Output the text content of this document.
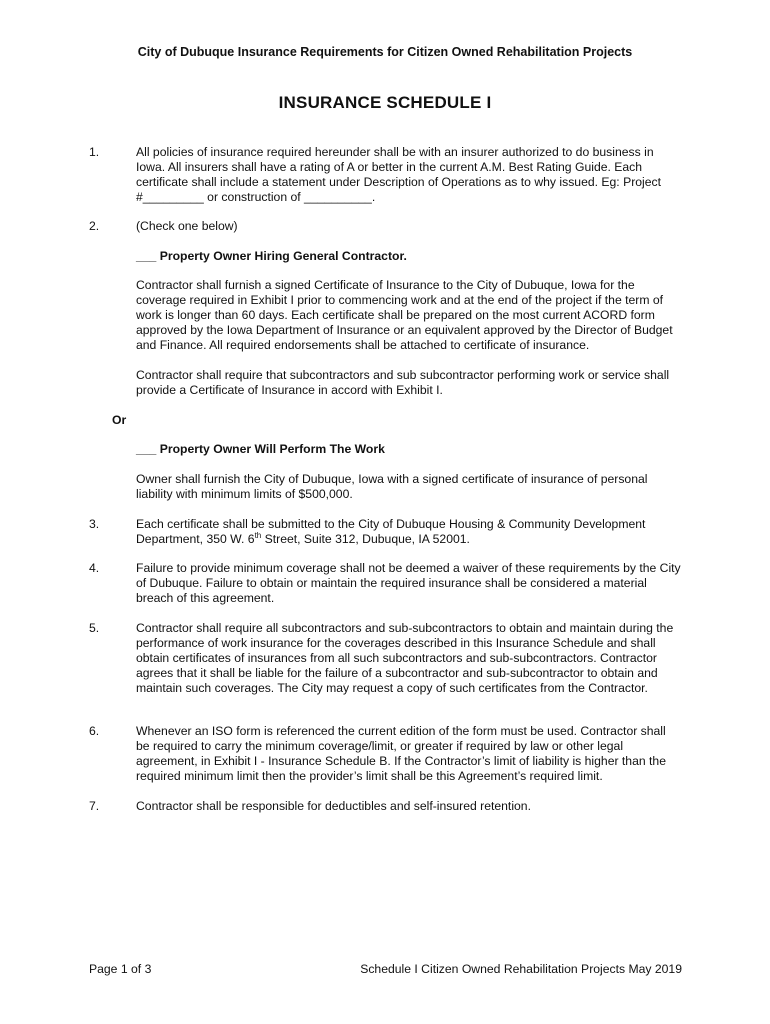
City of Dubuque Insurance Requirements for Citizen Owned Rehabilitation Projects
INSURANCE SCHEDULE I
1.	All policies of insurance required hereunder shall be with an insurer authorized to do business in Iowa. All insurers shall have a rating of A or better in the current A.M. Best Rating Guide. Each certificate shall include a statement under Description of Operations as to why issued. Eg: Project #_________ or construction of __________.
2.	(Check one below)
___ Property Owner Hiring General Contractor.
Contractor shall furnish a signed Certificate of Insurance to the City of Dubuque, Iowa for the coverage required in Exhibit I prior to commencing work and at the end of the project if the term of work is longer than 60 days. Each certificate shall be prepared on the most current ACORD form approved by the Iowa Department of Insurance or an equivalent approved by the Director of Budget and Finance. All required endorsements shall be attached to certificate of insurance.
Contractor shall require that subcontractors and sub subcontractor performing work or service shall provide a Certificate of Insurance in accord with Exhibit I.
Or
___ Property Owner Will Perform The Work
Owner shall furnish the City of Dubuque, Iowa with a signed certificate of insurance of personal liability with minimum limits of $500,000.
3.	Each certificate shall be submitted to the City of Dubuque Housing & Community Development
Department, 350 W. 6th Street, Suite 312, Dubuque, IA 52001.
4.	Failure to provide minimum coverage shall not be deemed a waiver of these requirements by the City of Dubuque. Failure to obtain or maintain the required insurance shall be considered a material breach of this agreement.
5.	Contractor shall require all subcontractors and sub-subcontractors to obtain and maintain during the performance of work insurance for the coverages described in this Insurance Schedule and shall obtain certificates of insurances from all such subcontractors and sub-subcontractors. Contractor agrees that it shall be liable for the failure of a subcontractor and sub-subcontractor to obtain and maintain such coverages. The City may request a copy of such certificates from the Contractor.
6.	Whenever an ISO form is referenced the current edition of the form must be used. Contractor shall be required to carry the minimum coverage/limit, or greater if required by law or other legal agreement, in Exhibit I - Insurance Schedule B. If the Contractor’s limit of liability is higher than the required minimum limit then the provider’s limit shall be this Agreement’s required limit.
7.	Contractor shall be responsible for deductibles and self-insured retention.
Page 1 of 3	Schedule I Citizen Owned Rehabilitation Projects May 2019
